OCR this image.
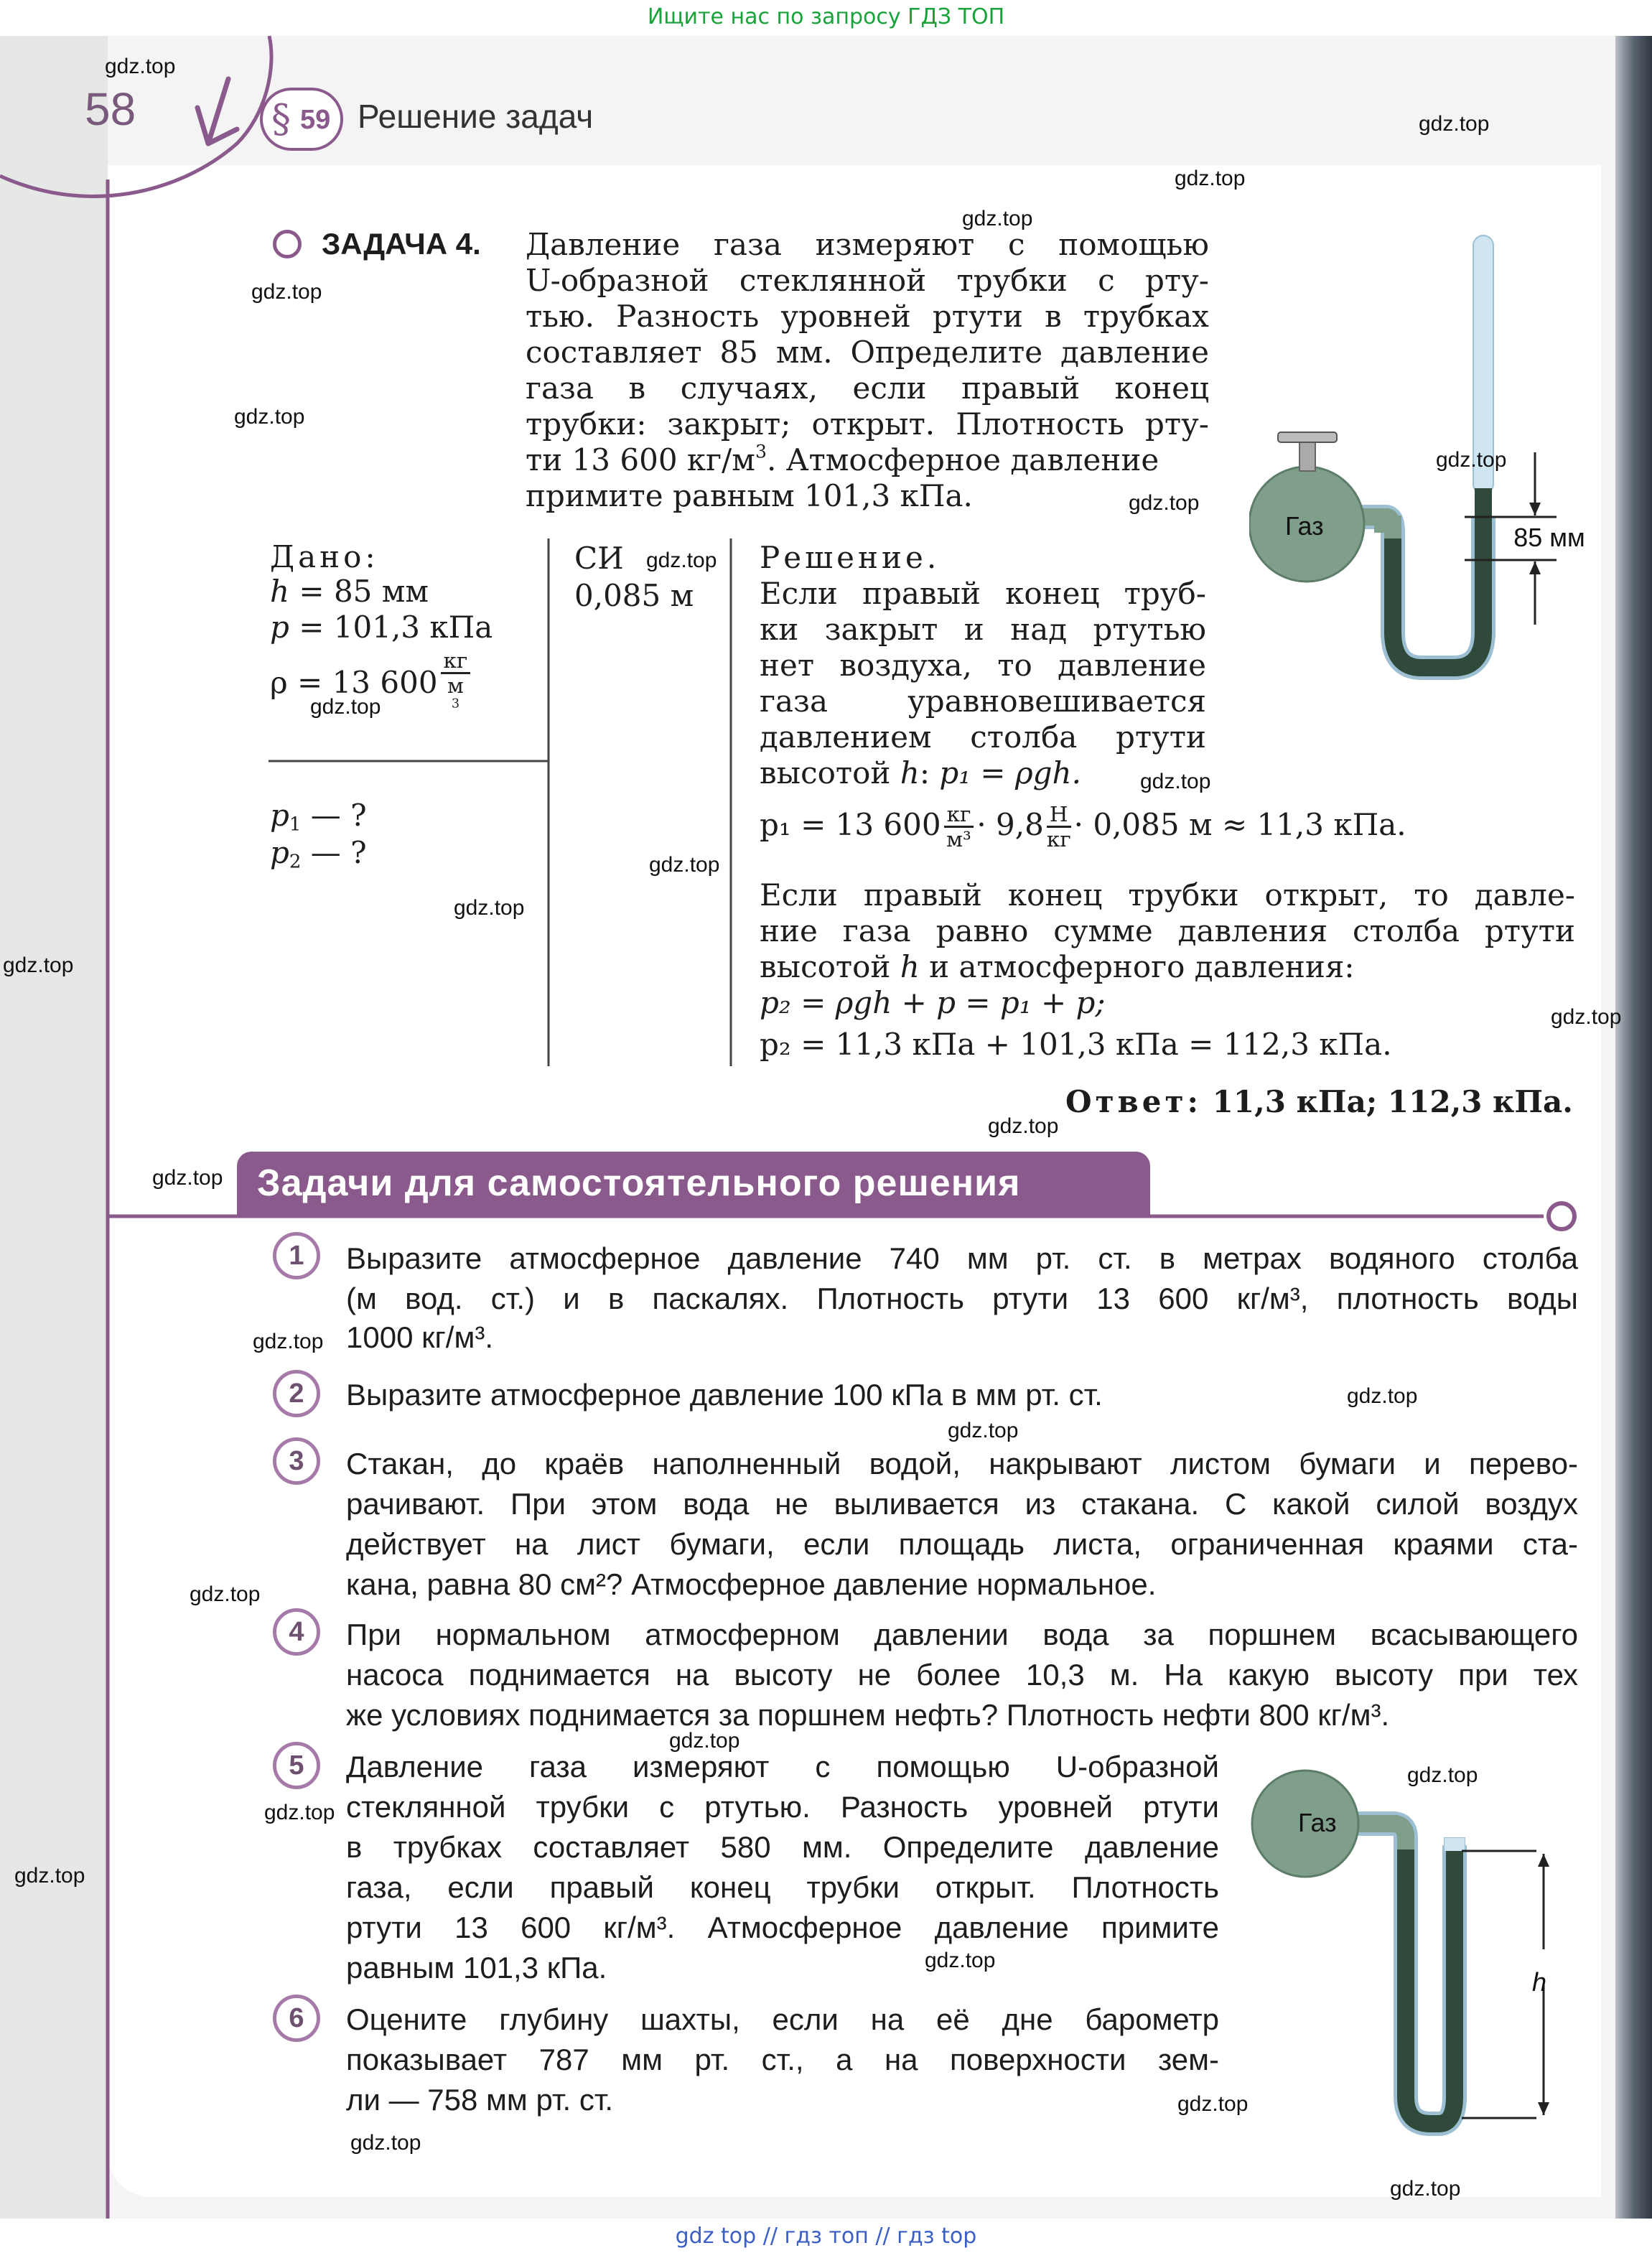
Ищите нас по запросу ГДЗ ТОП
58	§ 59 Решение задач
ЗАДАЧА 4. Давление газа измеряют с помощью
U-образной стеклянной трубки с рту-
тью. Разность уровней ртути в трубках
составляет 85 мм. Определите давление
газа в случаях, если правый конец
трубки: закрыт; открыт. Плотность рту-
ти 13 600 $кг/м^3$. Атмосферное давление
примите равным 101,3 кПа.
Дано:
h = 85 мм
p = 101,3 кПа
ρ = 13 600 кг
м
$^3$
$p_1$ — ?
$p_2$ — ?
СИ
0,085 м
Решение.
Если правый конец труб-
ки закрыт и над ртутью
нет воздуха, то давление
газа уравновешивается
давлением столба ртути
высотой h: p₁ = ρgh.
p₁ = 13 $600 \frac{кг}{\text{м³}} \cdot 9,8 \frac{Н}{кг} \cdot 0,085$ м ≈ 11,3 кПа.
Если правый конец трубки открыт, то давле-
ние газа равно сумме давления столба ртути
высотой h и атмосферного давления:
p₂ = ρgh + p = p₁ + p;
p₂ = 11,3 кПа + 101,3 кПа = 112,3 кПа.
Ответ: 11,3 кПа; 112,3 кПа.
Газ	85 мм
Задачи для самостоятельного решения
1	Выразите атмосферное давление 740 мм рт. ст. в метрах водяного столба
(м вод. ст.) и в паскалях. Плотность ртути 13 600 кг/м³, плотность воды
1000 кг/м³.
2	Выразите атмосферное давление 100 кПа в мм рт. ст.
3	Стакан, до краёв наполненный водой, накрывают листом бумаги и перево-
рачивают. При этом вода не выливается из стакана. С какой силой воздух
действует на лист бумаги, если площадь листа, ограниченная краями ста-
кана, равна 80 см²? Атмосферное давление нормальное.
4	При нормальном атмосферном давлении вода за поршнем всасывающего
насоса поднимается на высоту не более 10,3 м. На какую высоту при тех
же условиях поднимается за поршнем нефть? Плотность нефти 800 кг/м³.
5	Давление газа измеряют с помощью U-образной
стеклянной трубки с ртутью. Разность уровней ртути
в трубках составляет 580 мм. Определите давление
газа, если правый конец трубки открыт. Плотность
ртути 13 600 кг/м³. Атмосферное давление примите
равным 101,3 кПа.
6	Оцените глубину шахты, если на её дне барометр
показывает 787 мм рт. ст., а на поверхности зем-
ли — 758 мм рт. ст.
Газ
h
gdz.top
gdz.top
gdz.top
gdz.top
gdz.top
gdz.top
gdz.top
gdz.top
gdz.top
gdz.top
gdz.top
gdz.top
gdz.top
gdz.top
gdz.top
gdz.top
gdz.top
gdz.top
gdz.top
gdz.top
gdz.top
gdz.top
gdz.top
gdz.top
gdz.top
gdz.top
gdz.top
gdz.top
gdz.top
gdz top // гдз топ // гдз top
